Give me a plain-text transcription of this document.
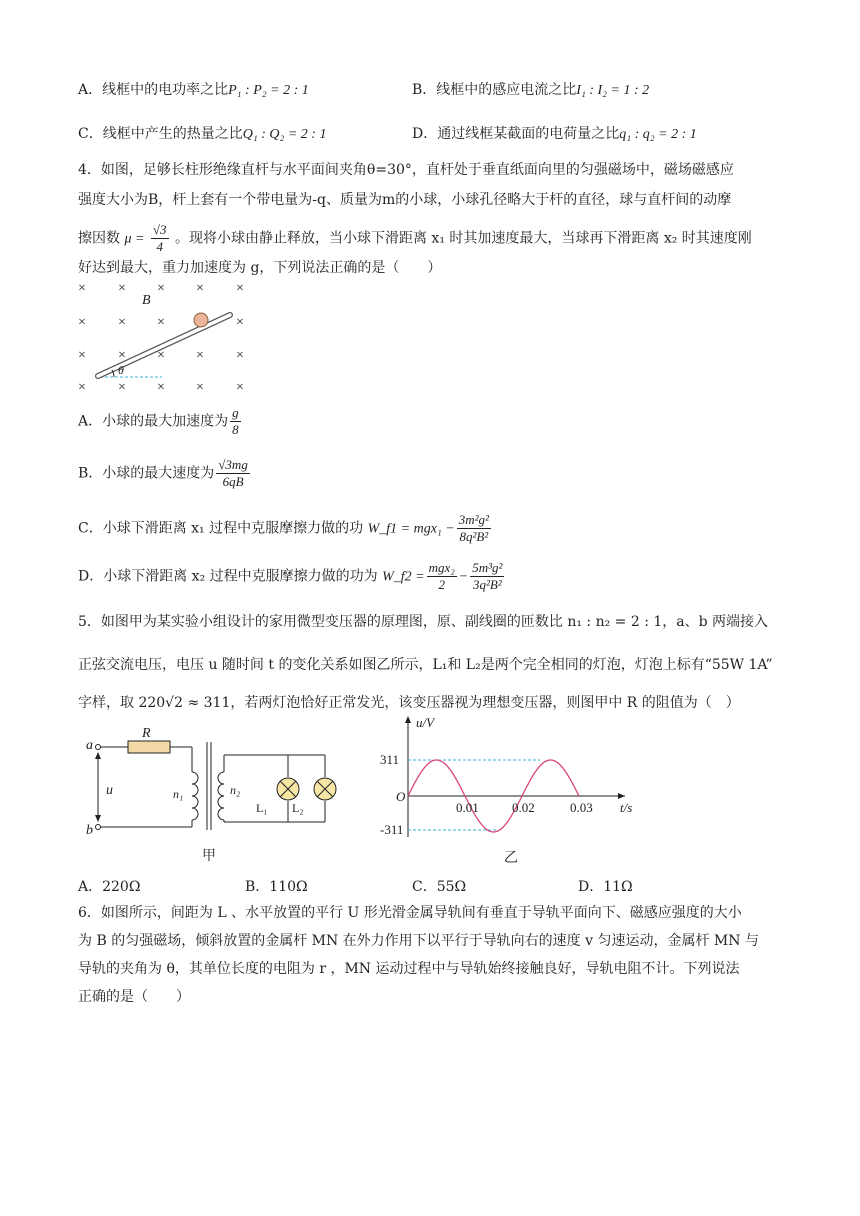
A．线框中的电功率之比P₁ : P₂ = 2 : 1	B．线框中的感应电流之比I₁ : I₂ = 1 : 2
C．线框中产生的热量之比Q₁ : Q₂ = 2 : 1	D．通过线框某截面的电荷量之比q₁ : q₂ = 2 : 1
4．如图，足够长柱形绝缘直杆与水平面间夹角θ=30°，直杆处于垂直纸面向里的匀强磁场中，磁场磁感应
强度大小为B，杆上套有一个带电量为-q、质量为m的小球，小球孔径略大于杆的直径，球与直杆间的动摩
擦因数 $\mu = \frac{√3}{4}$ 。现将小球由静止释放，当小球下滑距离 x₁ 时其加速度最大，当球再下滑距离 x₂ 时其速度刚
好达到最大，重力加速度为 g，下列说法正确的是（　　）
× × × × ×
× × ×	×
× × × × ×
× × × × ×
B
θ
A．小球的最大加速度为 $\frac{g}{8}$
B．小球的最大速度为 $\frac{√3mg}{6qB}$
C．小球下滑距离 x₁ 过程中克服摩擦力做的功 W_f1 = $mgx_1 - \frac{\text{3m²g²}}{\text{8q²B²}}$
D．小球下滑距离 x₂ 过程中克服摩擦力做的功为 W_f2 = $\frac{\text{mgx₂}}{2} - \frac{\text{5m³g²}}{\text{3q²B²}}$
5．如图甲为某实验小组设计的家用微型变压器的原理图，原、副线圈的匝数比 n₁ : n₂ = 2 : 1，a、b 两端接入
正弦交流电压，电压 u 随时间 t 的变化关系如图乙所示，L₁和 L₂是两个完全相同的灯泡，灯泡上标有“55W 1A”
字样，取 220√2 ≈ 311，若两灯泡恰好正常发光，该变压器视为理想变压器，则图甲中 R 的阻值为（　）
a
b
R
u	n₁	n₂
L₁ L₂
甲
u/V
t/s
O
311
-311
0.01	0.02	0.03
乙
A．220Ω	B．110Ω	C．55Ω	D．11Ω
6．如图所示，间距为 L 、水平放置的平行 U 形光滑金属导轨间有垂直于导轨平面向下、磁感应强度的大小
为 B 的匀强磁场，倾斜放置的金属杆 MN 在外力作用下以平行于导轨向右的速度 v 匀速运动，金属杆 MN 与
导轨的夹角为 θ，其单位长度的电阻为 r ，MN 运动过程中与导轨始终接触良好，导轨电阻不计。下列说法
正确的是（　　）
